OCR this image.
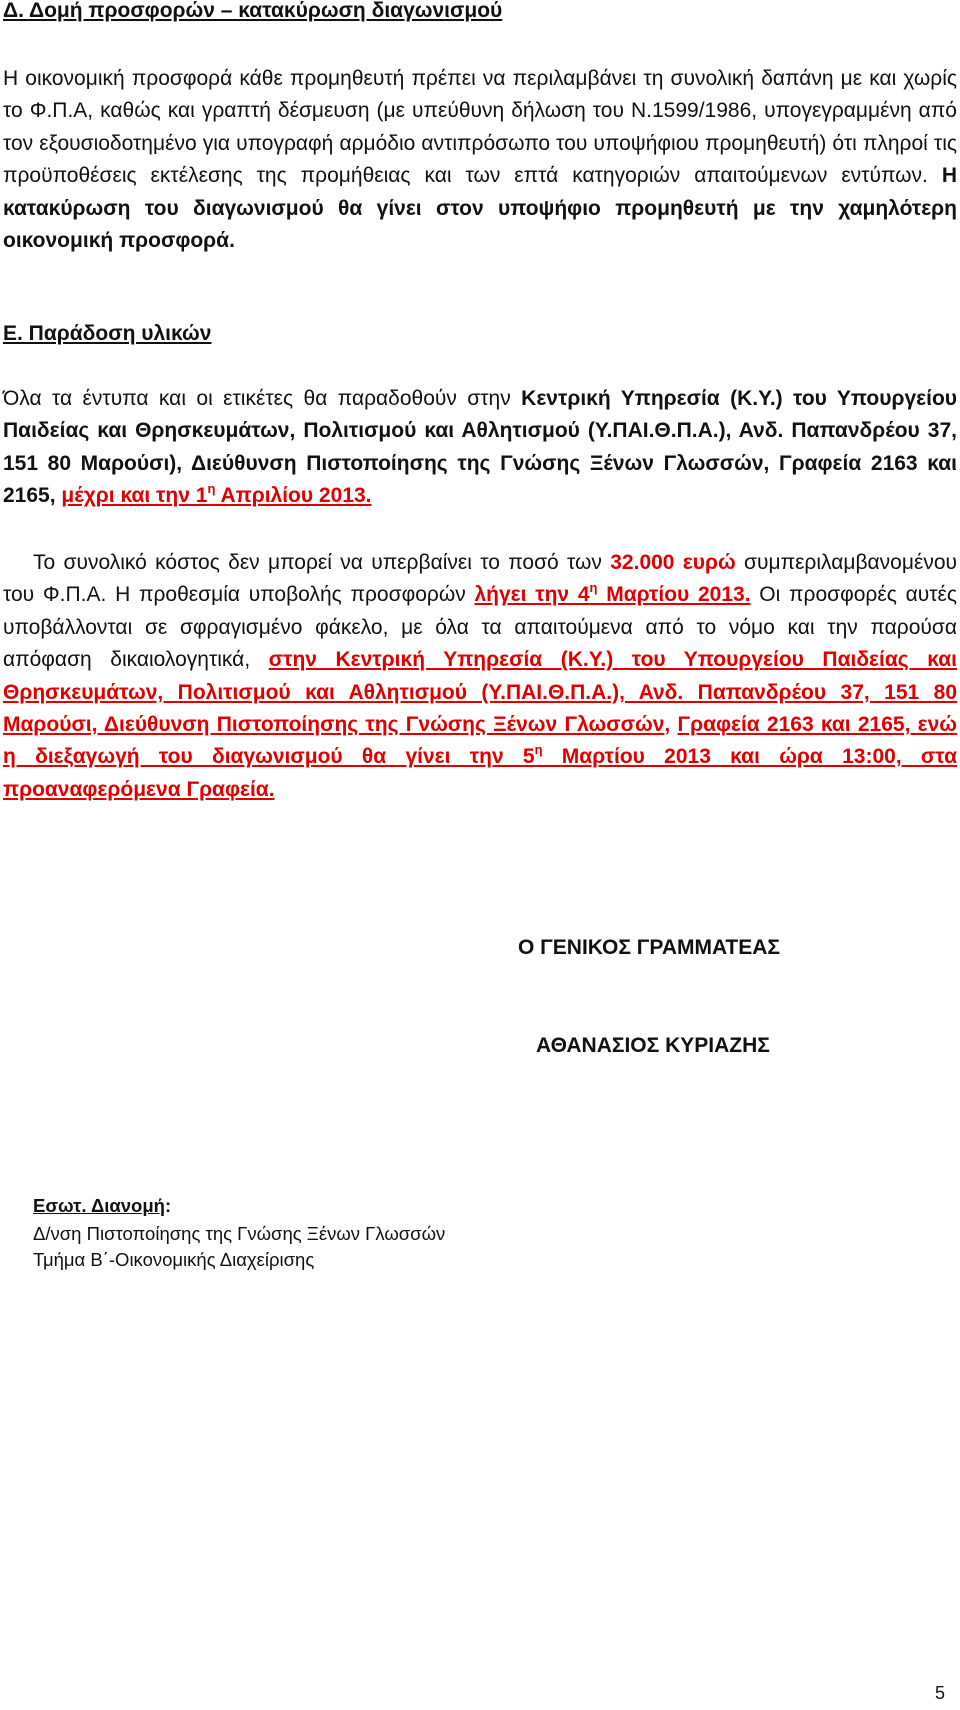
Δ. Δομή προσφορών – κατακύρωση διαγωνισμού

Η οικονομική προσφορά κάθε προμηθευτή πρέπει να περιλαμβάνει τη συνολική δαπάνη με και χωρίς το Φ.Π.Α, καθώς και γραπτή δέσμευση (με υπεύθυνη δήλωση του Ν.1599/1986, υπογεγραμμένη από τον εξουσιοδοτημένο για υπογραφή αρμόδιο αντιπρόσωπο του υποψήφιου προμηθευτή) ότι πληροί τις προϋποθέσεις εκτέλεσης της προμήθειας και των επτά κατηγοριών απαιτούμενων εντύπων. Η κατακύρωση του διαγωνισμού θα γίνει στον υποψήφιο προμηθευτή με την χαμηλότερη οικονομική προσφορά.

Ε. Παράδοση υλικών

Όλα τα έντυπα και οι ετικέτες θα παραδοθούν στην Κεντρική Υπηρεσία (Κ.Υ.) του Υπουργείου Παιδείας και Θρησκευμάτων, Πολιτισμού και Αθλητισμού (Υ.ΠΑΙ.Θ.Π.Α.), Ανδ. Παπανδρέου 37, 151 80 Μαρούσι), Διεύθυνση Πιστοποίησης της Γνώσης Ξένων Γλωσσών, Γραφεία 2163 και 2165, μέχρι και την $1^\eta$ Απριλίου 2013.

Το συνολικό κόστος δεν μπορεί να υπερβαίνει το ποσό των 32.000 ευρώ συμπεριλαμβανομένου του Φ.Π.Α. Η προθεσμία υποβολής προσφορών λήγει την $4^\eta$ Μαρτίου 2013. Οι προσφορές αυτές υποβάλλονται σε σφραγισμένο φάκελο, με όλα τα απαιτούμενα από το νόμο και την παρούσα απόφαση δικαιολογητικά, στην Κεντρική Υπηρεσία (Κ.Υ.) του Υπουργείου Παιδείας και Θρησκευμάτων, Πολιτισμού και Αθλητισμού (Υ.ΠΑΙ.Θ.Π.Α.), Ανδ. Παπανδρέου 37, 151 80 Μαρούσι, Διεύθυνση Πιστοποίησης της Γνώσης Ξένων Γλωσσών, Γραφεία 2163 και 2165, ενώ η διεξαγωγή του διαγωνισμού θα γίνει την $5^\eta$ Μαρτίου 2013 και ώρα 13:00, στα προαναφερόμενα Γραφεία.

Ο ΓΕΝΙΚΟΣ ΓΡΑΜΜΑΤΕΑΣ

ΑΘΑΝΑΣΙΟΣ ΚΥΡΙΑΖΗΣ

Εσωτ. Διανομή:

Δ/νση Πιστοποίησης της Γνώσης Ξένων Γλωσσών

Τμήμα Β΄-Οικονομικής Διαχείρισης

5
